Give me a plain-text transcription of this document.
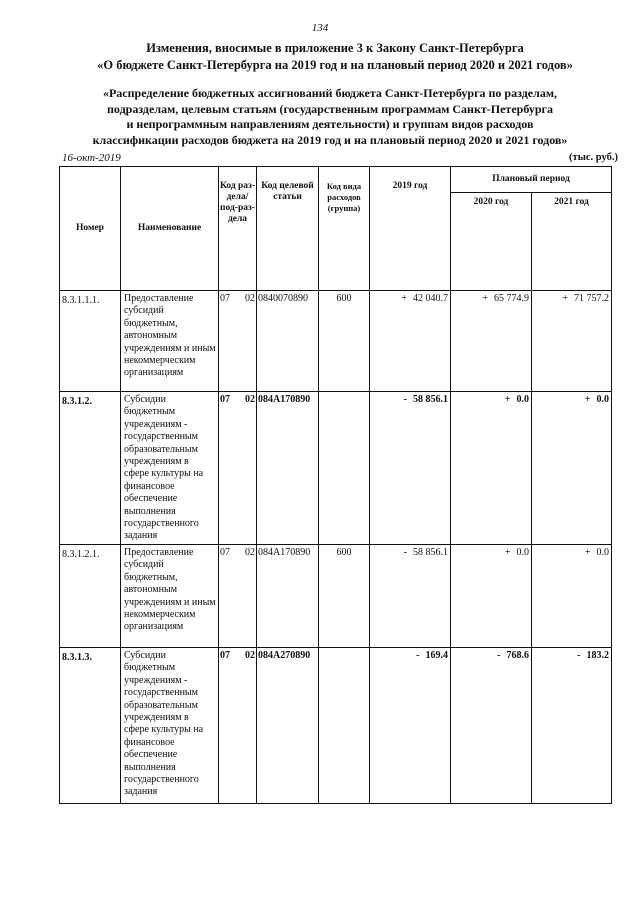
134
Изменения, вносимые в приложение 3 к Закону Санкт-Петербурга
«О бюджете Санкт-Петербурга на 2019 год и на плановый период 2020 и 2021 годов»
«Распределение бюджетных ассигнований бюджета Санкт-Петербурга по разделам,
подразделам, целевым статьям (государственным программам Санкт-Петербурга
и непрограммным направлениям деятельности) и группам видов расходов
классификации расходов бюджета на 2019 год и на плановый период 2020 и 2021 годов»
16-окт-2019	(тыс. руб.)
Номер	Наименование	Код раз-дела/ под-раз-дела	Код целевой статьи	Код вида расходов (группа)	2019 год	Плановый период	
						2020 год	2021 год
8.3.1.1.1.	Предоставление субсидий бюджетным, автономным учреждениям и иным некоммерческим организациям	07 02	0840070890	600	+ 42 040.7	+ 65 774.9	+ 71 757.2
8.3.1.2.	Субсидии бюджетным учреждениям - государственным образовательным учреждениям в сфере культуры на финансовое обеспечение выполнения государственного задания	07 02	084А170890		- 58 856.1	+ 0.0	+ 0.0
8.3.1.2.1.	Предоставление субсидий бюджетным, автономным учреждениям и иным некоммерческим организациям	07 02	084А170890	600	- 58 856.1	+ 0.0	+ 0.0
8.3.1.3.	Субсидии бюджетным учреждениям - государственным образовательным учреждениям в сфере культуры на финансовое обеспечение выполнения государственного задания	07 02	084А270890		- 169.4	- 768.6	- 183.2
